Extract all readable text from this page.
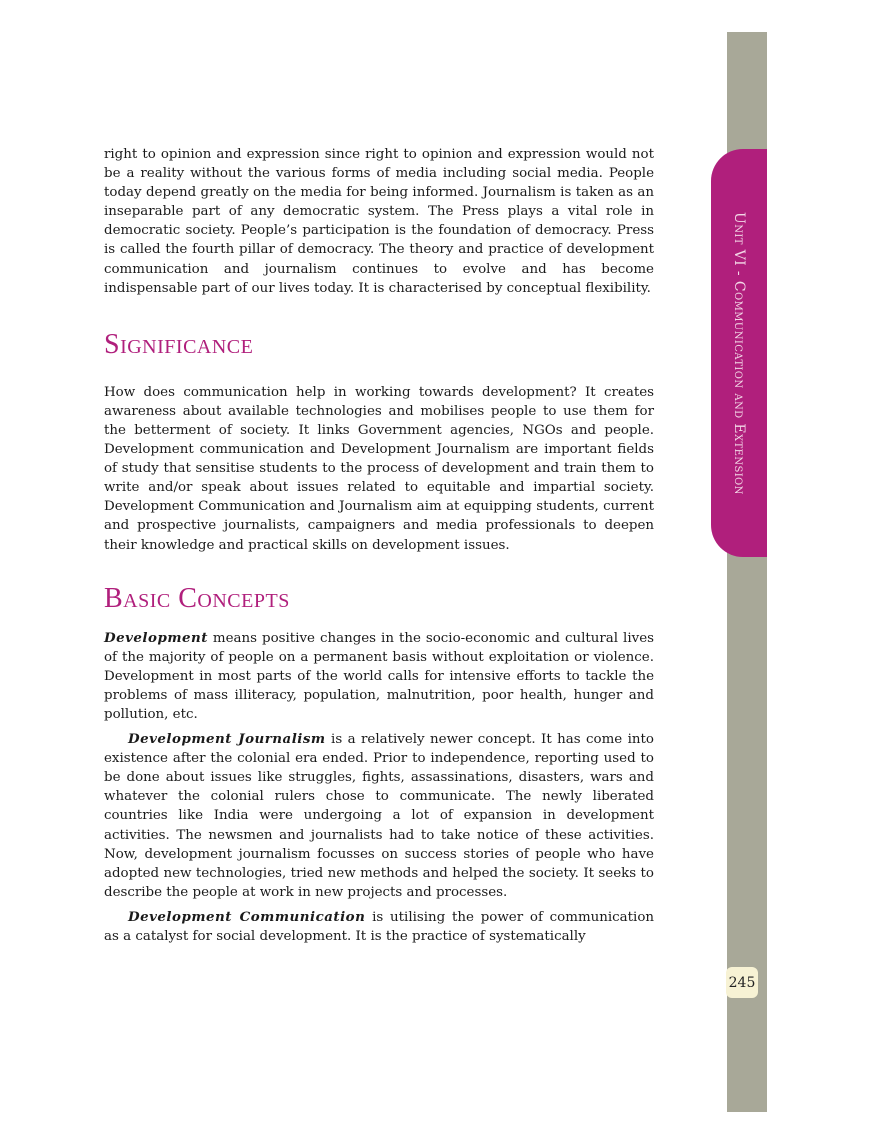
Unit VI - Communication and Extension
245

right to opinion and expression since right to opinion and expression would not be a reality without the various forms of media including social media. People today depend greatly on the media for being informed. Journalism is taken as an inseparable part of any democratic system. The Press plays a vital role in democratic society. People’s participation is the foundation of democracy. Press is called the fourth pillar of democracy. The theory and practice of development communication and journalism continues to evolve and has become indispensable part of our lives today. It is characterised by conceptual flexibility.

Significance

How does communication help in working towards development? It creates awareness about available technologies and mobilises people to use them for the betterment of society. It links Government agencies, NGOs and people. Development communication and Development Journalism are important fields of study that sensitise students to the process of development and train them to write and/or speak about issues related to equitable and impartial society. Development Communication and Journalism aim at equipping students, current and prospective journalists, campaigners and media professionals to deepen their knowledge and practical skills on development issues.

Basic Concepts

Development means positive changes in the socio-economic and cultural lives of the majority of people on a permanent basis without exploitation or violence. Development in most parts of the world calls for intensive efforts to tackle the problems of mass illiteracy, population, malnutrition, poor health, hunger and pollution, etc.

Development Journalism is a relatively newer concept. It has come into existence after the colonial era ended. Prior to independence, reporting used to be done about issues like struggles, fights, assassinations, disasters, wars and whatever the colonial rulers chose to communicate. The newly liberated countries like India were undergoing a lot of expansion in development activities. The newsmen and journalists had to take notice of these activities. Now, development journalism focusses on success stories of people who have adopted new technologies, tried new methods and helped the society. It seeks to describe the people at work in new projects and processes.

Development Communication is utilising the power of communication as a catalyst for social development. It is the practice of systematically
